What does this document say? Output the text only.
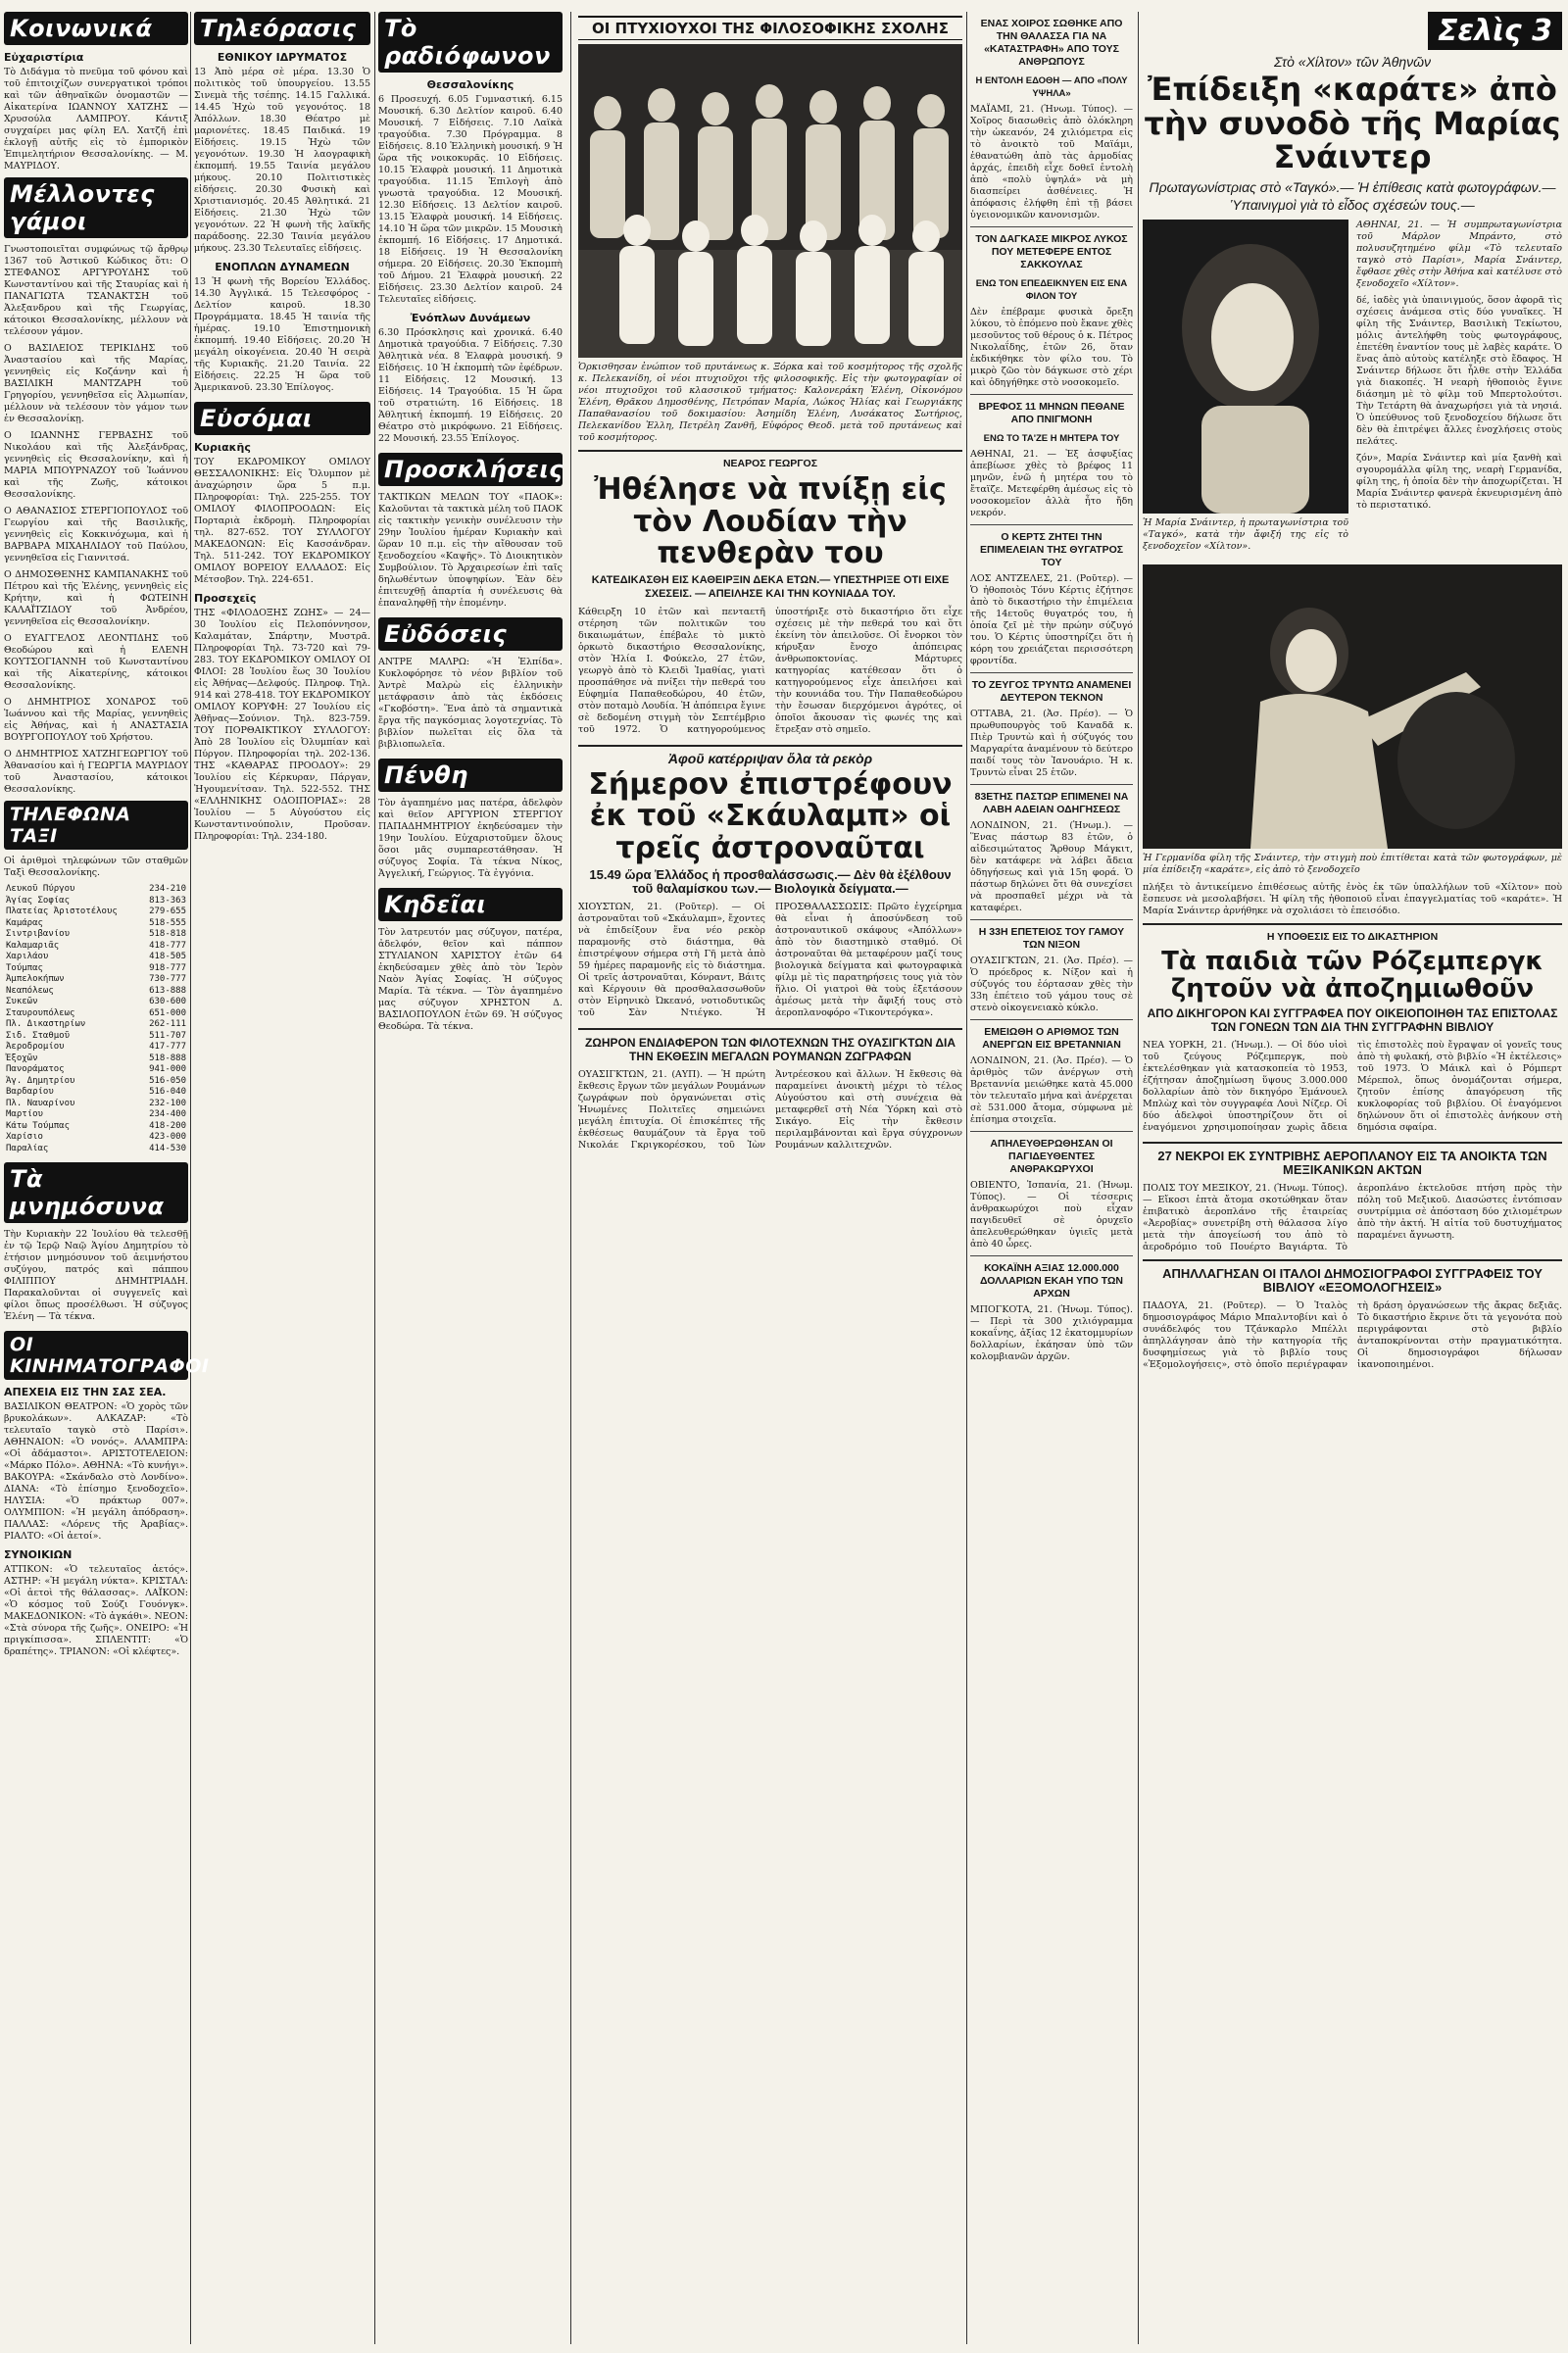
Κοινωνικά
Εὐχαριστίρια

Τὸ Διδάγμα τὸ πνεῦμα τοῦ φόνου καὶ τοῦ ἐπιτοιχίζων συνεργατικοὶ τρόποι καὶ τῶν ἀθηναϊκῶν ὀνομαστῶν — Αἰκατερίνα ΙΩΑΝΝΟΥ ΧΑΤΖΗΣ — Χρυσούλα ΛΑΜΠΡΟΥ. Κάντιξ συγχαίρει μας φίλη ΕΛ. Χατζῆ ἐπὶ ἐκλογῇ αὐτῆς εἰς τὸ ἐμπορικὸν Ἐπιμελητήριον Θεσσαλονίκης. — Μ. ΜΑΥΡΙΔΟΥ.

Μέλλοντες γάμοι

Γνωστοποιεῖται συμφώνως τῷ ἄρθρῳ 1367 τοῦ Ἀστικοῦ Κώδικος ὅτι: Ο ΣΤΕΦΑΝΟΣ ΑΡΓΥΡΟΥΔΗΣ τοῦ Κωνσταντίνου καὶ τῆς Σταυρίας καὶ ἡ ΠΑΝΑΓΙΩΤΑ ΤΣΑΝΑΚΤΣΗ τοῦ Ἀλεξανδρου καὶ τῆς Γεωργίας, κάτοικοι Θεσσαλονίκης, μέλλουν νὰ τελέσουν γάμον.

Ο ΒΑΣΙΛΕΙΟΣ ΤΕΡΙΚΙΔΗΣ τοῦ Ἀναστασίου καὶ τῆς Μαρίας, γεννηθεὶς εἰς Κοζάνην καὶ ἡ ΒΑΣΙΛΙΚΗ ΜΑΝΤΖΑΡΗ τοῦ Γρηγορίου, γεννηθεῖσα εἰς Ἀλμωπίαν, μέλλουν νὰ τελέσουν τὸν γάμον των ἐν Θεσσαλονίκῃ.

Ο ΙΩΑΝΝΗΣ ΓΕΡΒΑΣΗΣ τοῦ Νικολάου καὶ τῆς Ἀλεξάνδρας, γεννηθεὶς εἰς Θεσσαλονίκην, καὶ ἡ ΜΑΡΙΑ ΜΠΟΥΡΝΑΖΟΥ τοῦ Ἰωάννου καὶ τῆς Ζωῆς, κάτοικοι Θεσσαλονίκης.

Ο ΑΘΑΝΑΣΙΟΣ ΣΤΕΡΓΙΟΠΟΥΛΟΣ τοῦ Γεωργίου καὶ τῆς Βασιλικῆς, γεννηθεὶς εἰς Κοκκινόχωμα, καὶ ἡ ΒΑΡΒΑΡΑ ΜΙΧΑΗΛΙΔΟΥ τοῦ Παύλου, γεννηθεῖσα εἰς Γιαννιτσά.

Ο ΔΗΜΟΣΘΕΝΗΣ ΚΑΜΠΑΝΑΚΗΣ τοῦ Πέτρου καὶ τῆς Ἑλένης, γεννηθεὶς εἰς Κρήτην, καὶ ἡ ΦΩΤΕΙΝΗ ΚΑΛΑΪΤΖΙΔΟΥ τοῦ Ἀνδρέου, γεννηθεῖσα εἰς Θεσσαλονίκην.

Ο ΕΥΑΓΓΕΛΟΣ ΛΕΟΝΤΙΔΗΣ τοῦ Θεοδώρου καὶ ἡ ΕΛΕΝΗ ΚΟΥΤΣΟΓΙΑΝΝΗ τοῦ Κωνσταντίνου καὶ τῆς Αἰκατερίνης, κάτοικοι Θεσσαλονίκης.

Ο ΔΗΜΗΤΡΙΟΣ ΧΟΝΔΡΟΣ τοῦ Ἰωάννου καὶ τῆς Μαρίας, γεννηθεὶς εἰς Ἀθήνας, καὶ ἡ ΑΝΑΣΤΑΣΙΑ ΒΟΥΡΓΟΠΟΥΛΟΥ τοῦ Χρήστου.

Ο ΔΗΜΗΤΡΙΟΣ ΧΑΤΖΗΓΕΩΡΓΙΟΥ τοῦ Ἀθανασίου καὶ ἡ ΓΕΩΡΓΙΑ ΜΑΥΡΙΔΟΥ τοῦ Ἀναστασίου, κάτοικοι Θεσσαλονίκης.

ΤΗΛΕΦΩΝΑ ΤΑΞΙ

Οἱ ἀριθμοὶ τηλεφώνων τῶν σταθμῶν Ταξὶ Θεσσαλονίκης.

Λευκοῦ Πύργου	234-210
Ἁγίας Σοφίας	813-363
Πλατείας Ἀριστοτέλους	279-655
Καμάρας	518-555
Σιντριβανίου	518-818
Καλαμαριᾶς	418-777
Χαριλάου	418-505
Τούμπας	918-777
Ἀμπελοκήπων	730-777
Νεαπόλεως	613-888
Συκεῶν	630-600
Σταυρουπόλεως	651-000
Πλ. Δικαστηρίων	262-111
Σιδ. Σταθμοῦ	511-707
Ἀεροδρομίου	417-777
Ἐξοχῶν	518-888
Πανοράματος	941-000
Ἁγ. Δημητρίου	516-050
Βαρδαρίου	516-040
Πλ. Ναυαρίνου	232-100
Μαρτίου	234-400
Κάτω Τούμπας	418-200
Χαρίσιο	423-000
Παραλίας	414-530
Τὰ μνημόσυνα

Τὴν Κυριακὴν 22 Ἰουλίου θὰ τελεσθῇ ἐν τῷ Ἱερῷ Ναῷ Ἁγίου Δημητρίου τὸ ἐτήσιον μνημόσυνον τοῦ ἀειμνήστου συζύγου, πατρός καὶ πάππου ΦΙΛΙΠΠΟΥ ΔΗΜΗΤΡΙΑΔΗ. Παρακαλοῦνται οἱ συγγενεῖς καὶ φίλοι ὅπως προσέλθωσι. Ἡ σύζυγος Ἑλένη — Τὰ τέκνα.

ΟΙ ΚΙΝΗΜΑΤΟΓΡΑΦΟΙ
ΑΠΕΧΕΙΑ ΕΙΣ ΤΗΝ ΣΑΣ ΣΕΑ.

ΒΑΣΙΛΙΚΟΝ ΘΕΑΤΡΟΝ: «Ὁ χορὸς τῶν βρυκολάκων». ΑΛΚΑΖΑΡ: «Τὸ τελευταῖο ταγκὸ στὸ Παρίσι». ΑΘΗΝΑΙΟΝ: «Ὁ νονός». ΑΛΑΜΠΡΑ: «Οἱ ἀδάμαστοι». ΑΡΙΣΤΟΤΕΛΕΙΟΝ: «Μάρκο Πόλο». ΑΘΗΝΑ: «Τὸ κυνήγι». ΒΑΚΟΥΡΑ: «Σκάνδαλο στὸ Λονδίνο». ΔΙΑΝΑ: «Τὸ ἐπίσημο ξενοδοχεῖο». ΗΛΥΣΙΑ: «Ὁ πράκτωρ 007». ΟΛΥΜΠΙΟΝ: «Ἡ μεγάλη ἀπόδραση». ΠΑΛΛΑΣ: «Λόρενς τῆς Ἀραβίας». ΡΙΑΛΤΟ: «Οἱ ἀετοί».

ΣΥΝΟΙΚΙΩΝ

ΑΤΤΙΚΟΝ: «Ὁ τελευταῖος ἀετός». ΑΣΤΗΡ: «Ἡ μεγάλη νύκτα». ΚΡΙΣΤΑΛ: «Οἱ ἀετοὶ τῆς θάλασσας». ΛΑΪΚΟΝ: «Ὁ κόσμος τοῦ Σούζι Γουόνγκ». ΜΑΚΕΔΟΝΙΚΟΝ: «Τὸ ἀγκάθι». ΝΕΟΝ: «Στὰ σύνορα τῆς ζωῆς». ΟΝΕΙΡΟ: «Ἡ πριγκίπισσα». ΣΠΛΕΝΤΙΤ: «Ὁ δραπέτης». ΤΡΙΑΝΟΝ: «Οἱ κλέφτες».

Τηλεόρασις
ΕΘΝΙΚΟΥ ΙΔΡΥΜΑΤΟΣ

13 Ἀπὸ μέρα σὲ μέρα. 13.30 Ὁ πολιτικὸς τοῦ ὑπουργείου. 13.55 Σινεμὰ τῆς τσέπης. 14.15 Γαλλικά. 14.45 Ἠχὼ τοῦ γεγονότος. 18 Ἀπόλλων. 18.30 Θέατρο μὲ μαριονέτες. 18.45 Παιδικά. 19 Εἰδήσεις. 19.15 Ἠχὼ τῶν γεγονότων. 19.30 Ἡ λαογραφικὴ ἐκπομπή. 19.55 Ταινία μεγάλου μήκους. 20.10 Πολιτιστικὲς εἰδήσεις. 20.30 Φυσικὴ καὶ Χριστιανισμός. 20.45 Ἀθλητικά. 21 Εἰδήσεις. 21.30 Ἠχὼ τῶν γεγονότων. 22 Ἡ φωνὴ τῆς λαϊκῆς παράδοσης. 22.30 Ταινία μεγάλου μήκους. 23.30 Τελευταῖες εἰδήσεις.

ΕΝΟΠΛΩΝ ΔΥΝΑΜΕΩΝ

13 Ἡ φωνὴ τῆς Βορείου Ἑλλάδος. 14.30 Ἀγγλικά. 15 Τελεσφόρος - Δελτίον καιροῦ. 18.30 Προγράμματα. 18.45 Ἡ ταινία τῆς ἡμέρας. 19.10 Ἐπιστημονικὴ ἐκπομπή. 19.40 Εἰδήσεις. 20.20 Ἡ μεγάλη οἰκογένεια. 20.40 Ἡ σειρὰ τῆς Κυριακῆς. 21.20 Ταινία. 22 Εἰδήσεις. 22.25 Ἡ ὥρα τοῦ Ἀμερικανοῦ. 23.30 Ἐπίλογος.

Εὐσόμαι
Κυριακῆς

ΤΟΥ ΕΚΔΡΟΜΙΚΟΥ ΟΜΙΛΟΥ ΘΕΣΣΑΛΟΝΙΚΗΣ: Εἰς Ὄλυμπον μὲ ἀναχώρησιν ὥρα 5 π.μ. Πληροφορίαι: Τηλ. 225-255. ΤΟΥ ΟΜΙΛΟΥ ΦΙΛΟΠΡΟΟΔΩΝ: Εἰς Πορταριὰ ἐκδρομὴ. Πληροφορίαι τηλ. 827-652. ΤΟΥ ΣΥΛΛΟΓΟΥ ΜΑΚΕΔΟΝΩΝ: Εἰς Κασσάνδραν. Τηλ. 511-242. ΤΟΥ ΕΚΔΡΟΜΙΚΟΥ ΟΜΙΛΟΥ ΒΟΡΕΙΟΥ ΕΛΛΑΔΟΣ: Εἰς Μέτσοβον. Τηλ. 224-651.

Προσεχεῖς

ΤΗΣ «ΦΙΛΟΔΟΞΗΣ ΖΩΗΣ» — 24—30 Ἰουλίου εἰς Πελοπόννησον, Καλαμάταν, Σπάρτην, Μυστρᾶ. Πληροφορίαι Τηλ. 73-720 καὶ 79-283. ΤΟΥ ΕΚΔΡΟΜΙΚΟΥ ΟΜΙΛΟΥ ΟΙ ΦΙΛΟΙ: 28 Ἰουλίου ἕως 30 Ἰουλίου εἰς Ἀθήνας—Δελφούς. Πληροφ. Τηλ. 914 καὶ 278-418. ΤΟΥ ΕΚΔΡΟΜΙΚΟΥ ΟΜΙΛΟΥ ΚΟΡΥΦΗ: 27 Ἰουλίου εἰς Ἀθῆνας—Σούνιον. Τηλ. 823-759. ΤΟΥ ΠΟΡΘΑΙΚΤΙΚΟΥ ΣΥΛΛΟΓΟΥ: Ἀπὸ 28 Ἰουλίου εἰς Ὀλυμπίαν καὶ Πύργον. Πληροφορίαι τηλ. 202-136. ΤΗΣ «ΚΑΘΑΡΑΣ ΠΡΟΟΔΟΥ»: 29 Ἰουλίου εἰς Κέρκυραν, Πάργαν, Ἠγουμενίτσαν. Τηλ. 522-552. ΤΗΣ «ΕΛΛΗΝΙΚΗΣ ΟΔΟΙΠΟΡΙΑΣ»: 28 Ἰουλίου — 5 Αὐγούστου εἰς Κωνσταντινούπολιν, Προῦσαν. Πληροφορίαι: Τηλ. 234-180.

Τὸ ραδιόφωνον
Θεσσαλονίκης

6 Προσευχή. 6.05 Γυμναστική. 6.15 Μουσική. 6.30 Δελτίον καιροῦ. 6.40 Μουσική. 7 Εἰδήσεις. 7.10 Λαϊκὰ τραγούδια. 7.30 Πρόγραμμα. 8 Εἰδήσεις. 8.10 Ἑλληνικὴ μουσική. 9 Ἡ ὥρα τῆς νοικοκυρᾶς. 10 Εἰδήσεις. 10.15 Ἐλαφρὰ μουσική. 11 Δημοτικὰ τραγούδια. 11.15 Ἐπιλογὴ ἀπὸ γνωστὰ τραγούδια. 12 Μουσική. 12.30 Εἰδήσεις. 13 Δελτίον καιροῦ. 13.15 Ἐλαφρὰ μουσική. 14 Εἰδήσεις. 14.10 Ἡ ὥρα τῶν μικρῶν. 15 Μουσικὴ ἐκπομπή. 16 Εἰδήσεις. 17 Δημοτικά. 18 Εἰδήσεις. 19 Ἡ Θεσσαλονίκη σήμερα. 20 Εἰδήσεις. 20.30 Ἐκπομπὴ τοῦ Δήμου. 21 Ἐλαφρὰ μουσική. 22 Εἰδήσεις. 23.30 Δελτίον καιροῦ. 24 Τελευταῖες εἰδήσεις.

Ἐνόπλων Δυνάμεων

6.30 Πρόσκλησις καὶ χρονικά. 6.40 Δημοτικὰ τραγούδια. 7 Εἰδήσεις. 7.30 Ἀθλητικὰ νέα. 8 Ἐλαφρὰ μουσική. 9 Εἰδήσεις. 10 Ἡ ἐκπομπὴ τῶν ἐφέδρων. 11 Εἰδήσεις. 12 Μουσική. 13 Εἰδήσεις. 14 Τραγούδια. 15 Ἡ ὥρα τοῦ στρατιώτη. 16 Εἰδήσεις. 18 Ἀθλητική ἐκπομπή. 19 Εἰδήσεις. 20 Θέατρο στὸ μικρόφωνο. 21 Εἰδήσεις. 22 Μουσική. 23.55 Ἐπίλογος.

Προσκλήσεις

ΤΑΚΤΙΚΩΝ ΜΕΛΩΝ ΤΟΥ «ΠΑΟΚ»: Καλοῦνται τὰ τακτικὰ μέλη τοῦ ΠΑΟΚ εἰς τακτικὴν γενικὴν συνέλευσιν τὴν 29ην Ἰουλίου ἡμέραν Κυριακὴν καὶ ὥραν 10 π.μ. εἰς τὴν αἴθουσαν τοῦ ξενοδοχείου «Καψῆς». Τὸ Διοικητικὸν Συμβούλιον. Τὸ Ἀρχαιρεσίων ἐπὶ ταῖς δηλωθέντων ὑποψηφίων. Ἐὰν δὲν ἐπιτευχθῇ ἀπαρτία ἡ συνέλευσις θὰ ἐπαναληφθῇ τὴν ἑπομένην.

Εὐδόσεις

ΑΝΤΡΕ ΜΑΛΡΩ: «Ἡ Ἐλπίδα». Κυκλοφόρησε τὸ νέον βιβλίον τοῦ Ἀντρὲ Μαλρὼ εἰς ἑλληνικὴν μετάφρασιν ἀπὸ τὰς ἐκδόσεις «Γκοβόστη». Ἕνα ἀπὸ τὰ σημαντικὰ ἔργα τῆς παγκόσμιας λογοτεχνίας. Τὸ βιβλίον πωλεῖται εἰς ὅλα τὰ βιβλιοπωλεῖα.

Πένθη

Τὸν ἀγαπημένο μας πατέρα, ἀδελφὸν καὶ θεῖον ΑΡΓΥΡΙΟΝ ΣΤΕΡΓΙΟΥ ΠΑΠΑΔΗΜΗΤΡΙΟΥ ἐκηδεύσαμεν τὴν 19ην Ἰουλίου. Εὐχαριστοῦμεν ὅλους ὅσοι μᾶς συμπαρεστάθησαν. Ἡ σύζυγος Σοφία. Τὰ τέκνα Νίκος, Ἀγγελική, Γεώργιος. Τὰ ἐγγόνια.

Κηδεῖαι

Τὸν λατρευτόν μας σύζυγον, πατέρα, ἀδελφόν, θεῖον καὶ πάππον ΣΤΥΛΙΑΝΟΝ ΧΑΡΙΣΤΟΥ ἐτῶν 64 ἐκηδεύσαμεν χθὲς ἀπὸ τὸν Ἱερὸν Ναὸν Ἁγίας Σοφίας. Ἡ σύζυγος Μαρία. Τὰ τέκνα. — Τὸν ἀγαπημένο μας σύζυγον ΧΡΗΣΤΟΝ Δ. ΒΑΣΙΛΟΠΟΥΛΟΝ ἐτῶν 69. Ἡ σύζυγος Θεοδώρα. Τὰ τέκνα.

ΟΙ ΠΤΥΧΙΟΥΧΟΙ ΤΗΣ ΦΙΛΟΣΟΦΙΚΗΣ ΣΧΟΛΗΣ

Ὁρκισθησαν ἐνώπιον τοῦ πρυτάνεως κ. Ξόρκα καὶ τοῦ κοσμήτορος τῆς σχολῆς κ. Πελεκανίδη, οἱ νέοι πτυχιοῦχοι τῆς φιλοσοφικῆς. Εἰς τὴν φωτογραφίαν οἱ νέοι πτυχιοῦχοι τοῦ κλασσικοῦ τμήματος: Καλονεράκη Ἑλένη, Οἰκονόμου Ἑλένη, Θρᾶκου Δημοσθένης, Πετρόπαν Μαρία, Λώκος Ἠλίας καὶ Γεωργιάκης Παπαθανασίου τοῦ δοκιμασίου: Ἀσημίδη Ἑλένη, Λυσάκατος Σωτήριος, Πελεκανίδου Ἐλλη, Πετρέλη Ζανθῆ, Εὐφόρος Θεοδ. μετὰ τοῦ πρυτάνεως καὶ τοῦ κοσμήτορος.

ΝΕΑΡΟΣ ΓΕΩΡΓΟΣ
Ἠθέλησε νὰ πνίξῃ εἰς τὸν Λουδίαν τὴν πενθερὰν του
ΚΑΤΕΔΙΚΑΣΘΗ ΕΙΣ ΚΑΘΕΙΡΞΙΝ ΔΕΚΑ ΕΤΩΝ.— ΥΠΕΣΤΗΡΙΞΕ ΟΤΙ ΕΙΧΕ ΣΧΕΣΕΙΣ. — ΑΠΕΙΛΗΣΕ ΚΑΙ ΤΗΝ ΚΟΥΝΙΑΔΑ ΤΟΥ.

Κάθειρξη 10 ἐτῶν καὶ πενταετῆ στέρηση τῶν πολιτικῶν του δικαιωμάτων, ἐπέβαλε τὸ μικτὸ ὁρκωτὸ δικαστήριο Θεσσαλονίκης, στὸν Ἠλία Ι. Φούκελο, 27 ἐτῶν, γεωργὸ ἀπὸ τὸ Κλειδὶ Ἰμαθίας, γιατὶ προσπάθησε νὰ πνίξει τὴν πεθερά του Εὐφημία Παπαθεοδώρου, 40 ἐτῶν, στὸν ποταμὸ Λουδία. Ἡ ἀπόπειρα ἔγινε σὲ δεδομένη στιγμὴ τὸν Σεπτέμβριο τοῦ 1972. Ὁ κατηγορούμενος ὑποστήριξε στὸ δικαστήριο ὅτι εἶχε σχέσεις μὲ τὴν πεθερά του καὶ ὅτι ἐκείνη τὸν ἀπειλοῦσε. Οἱ ἔνορκοι τὸν κήρυξαν ἔνοχο ἀπόπειρας ἀνθρωποκτονίας. Μάρτυρες κατηγορίας κατέθεσαν ὅτι ὁ κατηγορούμενος εἶχε ἀπειλήσει καὶ τὴν κουνιάδα του. Τὴν Παπαθεοδώρου τὴν ἔσωσαν διερχόμενοι ἀγρότες, οἱ ὁποῖοι ἄκουσαν τὶς φωνές της καὶ ἔτρεξαν στὸ σημεῖο.

Ἀφοῦ κατέρριψαν ὅλα τὰ ρεκὸρ
Σήμερον ἐπιστρέφουν ἐκ τοῦ «Σκάυλαμπ» οἱ τρεῖς ἀστροναῦται
15.49 ὥρα Ἑλλάδος ἡ προσθαλάσσωσις.— Δὲν θὰ ἐξέλθουν τοῦ θαλαμίσκου των.— Βιολογικὰ δείγματα.—

ΧΙΟΥΣΤΩΝ, 21. (Ροῦτερ). — Οἱ ἀστροναῦται τοῦ «Σκάυλαμπ», ἔχοντες νὰ ἐπιδείξουν ἕνα νέο ρεκὸρ παραμονῆς στὸ διάστημα, θὰ ἐπιστρέψουν σήμερα στὴ Γῆ μετὰ ἀπὸ 59 ἡμέρες παραμονῆς εἰς τὸ διάστημα. Οἱ τρεῖς ἀστροναῦται, Κόνραντ, Βάιτς καὶ Κέργουιν θὰ προσθαλασσωθοῦν στὸν Εἰρηνικὸ Ὠκεανό, νοτιοδυτικῶς τοῦ Σὰν Ντιέγκο. Ἡ ΠΡΟΣΘΑΛΑΣΣΩΣΙΣ: Πρῶτο ἐγχείρημα θὰ εἶναι ἡ ἀποσύνδεση τοῦ ἀστροναυτικοῦ σκάφους «Ἀπόλλων» ἀπὸ τὸν διαστημικὸ σταθμό. Οἱ ἀστροναῦται θὰ μεταφέρουν μαζί τους βιολογικὰ δείγματα καὶ φωτογραφικὰ φίλμ μὲ τὶς παρατηρήσεις τους γιὰ τὸν ἥλιο. Οἱ γιατροὶ θὰ τοὺς ἐξετάσουν ἀμέσως μετὰ τὴν ἄφιξή τους στὸ ἀεροπλανοφόρο «Τικοντερόγκα».

ΖΩΗΡΟΝ ΕΝΔΙΑΦΕΡΟΝ ΤΩΝ ΦΙΛΟΤΕΧΝΩΝ ΤΗΣ ΟΥΑΣΙΓΚΤΩΝ ΔΙΑ ΤΗΝ ΕΚΘΕΣΙΝ ΜΕΓΑΛΩΝ ΡΟΥΜΑΝΩΝ ΖΩΓΡΑΦΩΝ

ΟΥΑΣΙΓΚΤΩΝ, 21. (ΑΥΠ). — Ἡ πρώτη ἔκθεσις ἔργων τῶν μεγάλων Ρουμάνων ζωγράφων ποὺ ὀργανώνεται στὶς Ἡνωμένες Πολιτεῖες σημειώνει μεγάλη ἐπιτυχία. Οἱ ἐπισκέπτες τῆς ἐκθέσεως θαυμάζουν τὰ ἔργα τοῦ Νικολάε Γκριγκορέσκου, τοῦ Ἰὼν Ἀντρέεσκου καὶ ἄλλων. Ἡ ἔκθεσις θὰ παραμείνει ἀνοικτὴ μέχρι τὸ τέλος Αὐγούστου καὶ στὴ συνέχεια θὰ μεταφερθεῖ στὴ Νέα Ὑόρκη καὶ στὸ Σικάγο. Εἰς τὴν ἔκθεσιν περιλαμβάνονται καὶ ἔργα σύγχρονων Ρουμάνων καλλιτεχνῶν.

ΕΝΑΣ ΧΟΙΡΟΣ ΣΩΘΗΚΕ ΑΠΟ ΤΗΝ ΘΑΛΑΣΣΑ ΓΙΑ ΝΑ «ΚΑΤΑΣΤΡΑΦΗ» ΑΠΟ ΤΟΥΣ ΑΝΘΡΩΠΟΥΣ
Η ΕΝΤΟΛΗ ΕΔΟΘΗ — ΑΠΟ «ΠΟΛΥ ΥΨΗΛΑ»

ΜΑΪΑΜΙ, 21. (Ἡνωμ. Τύπος). — Χοῖρος διασωθεὶς ἀπὸ ὁλόκληρη τὴν ὠκεανόν, 24 χιλιόμετρα εἰς τὸ ἀνοικτὸ τοῦ Μαϊάμι, ἐθανατώθη ἀπὸ τὰς ἀρμοδίας ἀρχάς, ἐπειδὴ εἶχε δοθεῖ ἐντολὴ ἀπὸ «πολὺ ὑψηλά» νὰ μὴ διασπείρει ἀσθένειες. Ἡ ἀπόφασις ἐλήφθη ἐπὶ τῇ βάσει ὑγειονομικῶν κανονισμῶν.

ΤΟΝ ΔΑΓΚΑΣΕ ΜΙΚΡΟΣ ΛΥΚΟΣ ΠΟΥ ΜΕΤΕΦΕΡΕ ΕΝΤΟΣ ΣΑΚΚΟΥΛΑΣ
ΕΝΩ ΤΟΝ ΕΠΕΔΕΙΚΝΥΕΝ ΕΙΣ ΕΝΑ ΦΙΛΟΝ ΤΟΥ

Δὲν ἐπέβραμε φυσικὰ ὄρεξη λύκου, τὸ ἐπόμενο ποὺ ἔκανε χθὲς μεσοῦντος τοῦ θέρους ὁ κ. Πέτρος Νικολαΐδης, ἐτῶν 26, ὅταν ἐκδικήθηκε τὸν φίλο του. Τὸ μικρὸ ζῶο τὸν δάγκωσε στὸ χέρι καὶ ὁδηγήθηκε στὸ νοσοκομεῖο.

ΒΡΕΦΟΣ 11 ΜΗΝΩΝ ΠΕΘΑΝΕ ΑΠΟ ΠΝΙΓΜΟΝΗ
ΕΝΩ ΤΟ ΤΑ'ΖΕ Η ΜΗΤΕΡΑ ΤΟΥ

ΑΘΗΝΑΙ, 21. — Ἐξ ἀσφυξίας ἀπεβίωσε χθὲς τὸ βρέφος 11 μηνῶν, ἐνῶ ἡ μητέρα του τὸ ἔταϊζε. Μετεφέρθη ἀμέσως εἰς τὸ νοσοκομεῖον ἀλλὰ ἦτο ἤδη νεκρόν.

Ο ΚΕΡΤΣ ΖΗΤΕΙ ΤΗΝ ΕΠΙΜΕΛΕΙΑΝ ΤΗΣ ΘΥΓΑΤΡΟΣ ΤΟΥ

ΛΟΣ ΑΝΤΖΕΛΕΣ, 21. (Ροῦτερ). — Ὁ ἠθοποιὸς Τόνυ Κέρτις ἐζήτησε ἀπὸ τὸ δικαστήριο τὴν ἐπιμέλεια τῆς 14ετοῦς θυγατρός του, ἡ ὁποία ζεῖ μὲ τὴν πρώην σύζυγό του. Ὁ Κέρτις ὑποστηρίζει ὅτι ἡ κόρη του χρειάζεται περισσότερη φροντίδα.

ΤΟ ΖΕΥΓΟΣ ΤΡΥΝΤΩ ΑΝΑΜΕΝΕΙ ΔΕΥΤΕΡΟΝ ΤΕΚΝΟΝ

ΟΤΤΑΒΑ, 21. (Ἀσ. Πρέσ). — Ὁ πρωθυπουργὸς τοῦ Καναδᾶ κ. Πιὲρ Τρυντὼ καὶ ἡ σύζυγός του Μαργαρίτα ἀναμένουν τὸ δεύτερο παιδί τους τὸν Ἰανουάριο. Ἡ κ. Τρυντὼ εἶναι 25 ἐτῶν.

83ΕΤΗΣ ΠΑΣΤΩΡ ΕΠΙΜΕΝΕΙ ΝΑ ΛΑΒΗ ΑΔΕΙΑΝ ΟΔΗΓΗΣΕΩΣ

ΛΟΝΔΙΝΟΝ, 21. (Ἡνωμ.). — Ἕνας πάστωρ 83 ἐτῶν, ὁ αἰδεσιμώτατος Ἄρθουρ Μάγκιτ, δὲν κατάφερε νὰ λάβει ἄδεια ὁδηγήσεως καὶ γιὰ 15η φορά. Ὁ πάστωρ δηλώνει ὅτι θὰ συνεχίσει νὰ προσπαθεῖ μέχρι νὰ τὰ καταφέρει.

Η 33Η ΕΠΕΤΕΙΟΣ ΤΟΥ ΓΑΜΟΥ ΤΩΝ ΝΙΞΟΝ

ΟΥΑΣΙΓΚΤΩΝ, 21. (Ἀσ. Πρέσ). — Ὁ πρόεδρος κ. Νίξον καὶ ἡ σύζυγός του ἑόρτασαν χθὲς τὴν 33η ἐπέτειο τοῦ γάμου τους σὲ στενὸ οἰκογενειακὸ κύκλο.

ΕΜΕΙΩΘΗ Ο ΑΡΙΘΜΟΣ ΤΩΝ ΑΝΕΡΓΩΝ ΕΙΣ ΒΡΕΤΑΝΝΙΑΝ

ΛΟΝΔΙΝΟΝ, 21. (Ἀσ. Πρέσ). — Ὁ ἀριθμὸς τῶν ἀνέργων στὴ Βρεταννία μειώθηκε κατὰ 45.000 τὸν τελευταῖο μήνα καὶ ἀνέρχεται σὲ 531.000 ἄτομα, σύμφωνα μὲ ἐπίσημα στοιχεῖα.

ΑΠΗΛΕΥΘΕΡΩΘΗΣΑΝ ΟΙ ΠΑΓΙΔΕΥΘΕΝΤΕΣ ΑΝΘΡΑΚΩΡΥΧΟΙ

ΟΒΙΕΝΤΟ, Ἱσπανία, 21. (Ἡνωμ. Τύπος). — Οἱ τέσσερις ἀνθρακωρύχοι ποὺ εἶχαν παγιδευθεῖ σὲ ὀρυχεῖο ἀπελευθερώθηκαν ὑγιεῖς μετὰ ἀπὸ 40 ὧρες.

ΚΟΚΑΪΝΗ ΑΞΙΑΣ 12.000.000 ΔΟΛΛΑΡΙΩΝ ΕΚΑΗ ΥΠΟ ΤΩΝ ΑΡΧΩΝ

ΜΠΟΓΚΟΤΑ, 21. (Ἡνωμ. Τύπος). — Περὶ τὰ 300 χιλιόγραμμα κοκαΐνης, ἀξίας 12 ἑκατομμυρίων δολλαρίων, ἐκάησαν ὑπὸ τῶν κολομβιανῶν ἀρχῶν.

Σελὶς 3
Στὸ «Χίλτον» τῶν Ἀθηνῶν
Ἐπίδειξη «καράτε» ἀπὸ τὴν συνοδὸ τῆς Μαρίας Σνάιντερ
Πρωταγωνίστριας στὸ «Ταγκό».— Ἡ ἐπίθεσις κατὰ φωτογράφων.— Ὑπαινιγμοὶ γιὰ τὸ εἶδος σχέσεών τους.—

Ἡ Μαρία Σνάιντερ, ἡ πρωταγωνίστρια τοῦ «Ταγκό», κατὰ τὴν ἄφιξή της εἰς τὸ ξενοδοχεῖον «Χίλτον».

ΑΘΗΝΑΙ, 21. — Ἡ συμπρωταγωνίστρια τοῦ Μάρλον Μπράντο, στὸ πολυσυζητημένο φίλμ «Τὸ τελευταῖο ταγκὸ στὸ Παρίσι», Μαρία Σνάιντερ, ἔφθασε χθὲς στὴν Ἀθήνα καὶ κατέλυσε στὸ ξενοδοχεῖο «Χίλτον».

δέ, ἰαδὲς γιὰ ὑπαινιγμούς, ὅσον ἀφορᾶ τὶς σχέσεις ἀνάμεσα στὶς δύο γυναῖκες. Ἡ φίλη τῆς Σνάιντερ, Βασιλικὴ Τεκίωτου, μόλις ἀντελήφθη τοὺς φωτογράφους, ἐπετέθη ἐναντίον τους μὲ λαβὲς καράτε. Ὁ ἕνας ἀπὸ αὐτοὺς κατέληξε στὸ ἔδαφος. Ἡ Σνάιντερ δήλωσε ὅτι ἦλθε στὴν Ἑλλάδα γιὰ διακοπές. Ἡ νεαρὴ ἠθοποιὸς ἔγινε διάσημη μὲ τὸ φίλμ τοῦ Μπερτολούτσι. Τὴν Τετάρτη θὰ ἀναχωρήσει γιὰ τὰ νησιά. Ὁ ὑπεύθυνος τοῦ ξενοδοχείου δήλωσε ὅτι δὲν θὰ ἐπιτρέψει ἄλλες ἐνοχλήσεις στοὺς πελάτες.

ζόν», Μαρία Σνάιντερ καὶ μία ξανθὴ καὶ σγουρομάλλα φίλη της, νεαρὴ Γερμανίδα, φίλη της, ἡ ὁποία δὲν τὴν ἀποχωρίζεται. Ἡ Μαρία Σνάιντερ φανερὰ ἐκνευρισμένη ἀπὸ τὸ περιστατικό.

Ἡ Γερμανίδα φίλη τῆς Σνάιντερ, τὴν στιγμὴ ποὺ ἐπιτίθεται κατὰ τῶν φωτογράφων, μὲ μία ἐπίδειξη «καράτε», εἰς ἀπὸ τὸ ξενοδοχεῖο

πλήξει τὸ ἀντικείμενο ἐπιθέσεως αὐτῆς ἑνὸς ἐκ τῶν ὑπαλλήλων τοῦ «Χίλτον» ποὺ ἔσπευσε νὰ μεσολαβήσει. Ἡ φίλη τῆς ἠθοποιοῦ εἶναι ἐπαγγελματίας τοῦ «καράτε». Ἡ Μαρία Σνάιντερ ἀρνήθηκε νὰ σχολιάσει τὸ ἐπεισόδιο.

Η ΥΠΟΘΕΣΙΣ ΕΙΣ ΤΟ ΔΙΚΑΣΤΗΡΙΟΝ
Τὰ παιδιὰ τῶν Ρόζεμπεργκ ζητοῦν νὰ ἀποζημιωθοῦν
ΑΠΟ ΔΙΚΗΓΟΡΟΝ ΚΑΙ ΣΥΓΓΡΑΦΕΑ ΠΟΥ ΟΙΚΕΙΟΠΟΙΗΘΗ ΤΑΣ ΕΠΙΣΤΟΛΑΣ ΤΩΝ ΓΟΝΕΩΝ ΤΩΝ ΔΙΑ ΤΗΝ ΣΥΓΓΡΑΦΗΝ ΒΙΒΛΙΟΥ

ΝΕΑ ΥΟΡΚΗ, 21. (Ἡνωμ.). — Οἱ δύο υἱοὶ τοῦ ζεύγους Ρόζεμπεργκ, ποὺ ἐκτελέσθηκαν γιὰ κατασκοπεία τὸ 1953, ἐζήτησαν ἀποζημίωση ὕψους 3.000.000 δολλαρίων ἀπὸ τὸν δικηγόρο Ἐμάνουελ Μπλὼχ καὶ τὸν συγγραφέα Λουὶ Νίζερ. Οἱ δύο ἀδελφοὶ ὑποστηρίζουν ὅτι οἱ ἐναγόμενοι χρησιμοποίησαν χωρὶς ἄδεια τὶς ἐπιστολὲς ποὺ ἔγραψαν οἱ γονεῖς τους ἀπὸ τὴ φυλακή, στὸ βιβλίο «Ἡ ἐκτέλεσις» τοῦ 1973. Ὁ Μάικλ καὶ ὁ Ρόμπερτ Μέρεπολ, ὅπως ὀνομάζονται σήμερα, ζητοῦν ἐπίσης ἀπαγόρευση τῆς κυκλοφορίας τοῦ βιβλίου. Οἱ ἐναγόμενοι δηλώνουν ὅτι οἱ ἐπιστολὲς ἀνήκουν στὴ δημόσια σφαίρα.

27 ΝΕΚΡΟΙ ΕΚ ΣΥΝΤΡΙΒΗΣ ΑΕΡΟΠΛΑΝΟΥ ΕΙΣ ΤΑ ΑΝΟΙΚΤΑ ΤΩΝ ΜΕΞΙΚΑΝΙΚΩΝ ΑΚΤΩΝ

ΠΟΛΙΣ ΤΟΥ ΜΕΞΙΚΟΥ, 21. (Ἡνωμ. Τύπος). — Εἴκοσι ἑπτὰ ἄτομα σκοτώθηκαν ὅταν ἐπιβατικὸ ἀεροπλάνο τῆς ἑταιρείας «Ἀεροβίας» συνετρίβη στὴ θάλασσα λίγο μετὰ τὴν ἀπογείωσή του ἀπὸ τὸ ἀεροδρόμιο τοῦ Πουέρτο Βαγιάρτα. Τὸ ἀεροπλάνο ἐκτελοῦσε πτήση πρὸς τὴν πόλη τοῦ Μεξικοῦ. Διασώστες ἐντόπισαν συντρίμμια σὲ ἀπόσταση δύο χιλιομέτρων ἀπὸ τὴν ἀκτή. Ἡ αἰτία τοῦ δυστυχήματος παραμένει ἄγνωστη.

ΑΠΗΛΛΑΓΗΣΑΝ ΟΙ ΙΤΑΛΟΙ ΔΗΜΟΣΙΟΓΡΑΦΟΙ ΣΥΓΓΡΑΦΕΙΣ ΤΟΥ ΒΙΒΛΙΟΥ «ΕΞΟΜΟΛΟΓΗΣΕΙΣ»

ΠΑΔΟΥΑ, 21. (Ροῦτερ). — Ὁ Ἰταλὸς δημοσιογράφος Μάριο Μπαλντοβίνι καὶ ὁ συνάδελφός του Τζάνκαρλο Μπέλλι ἀπηλλάγησαν ἀπὸ τὴν κατηγορία τῆς δυσφημίσεως γιὰ τὸ βιβλίο τους «Ἐξομολογήσεις», στὸ ὁποῖο περιέγραφαν τὴ δράση ὀργανώσεων τῆς ἄκρας δεξιᾶς. Τὸ δικαστήριο ἔκρινε ὅτι τὰ γεγονότα ποὺ περιγράφονται στὸ βιβλίο ἀνταποκρίνονται στὴν πραγματικότητα. Οἱ δημοσιογράφοι δήλωσαν ἱκανοποιημένοι.
